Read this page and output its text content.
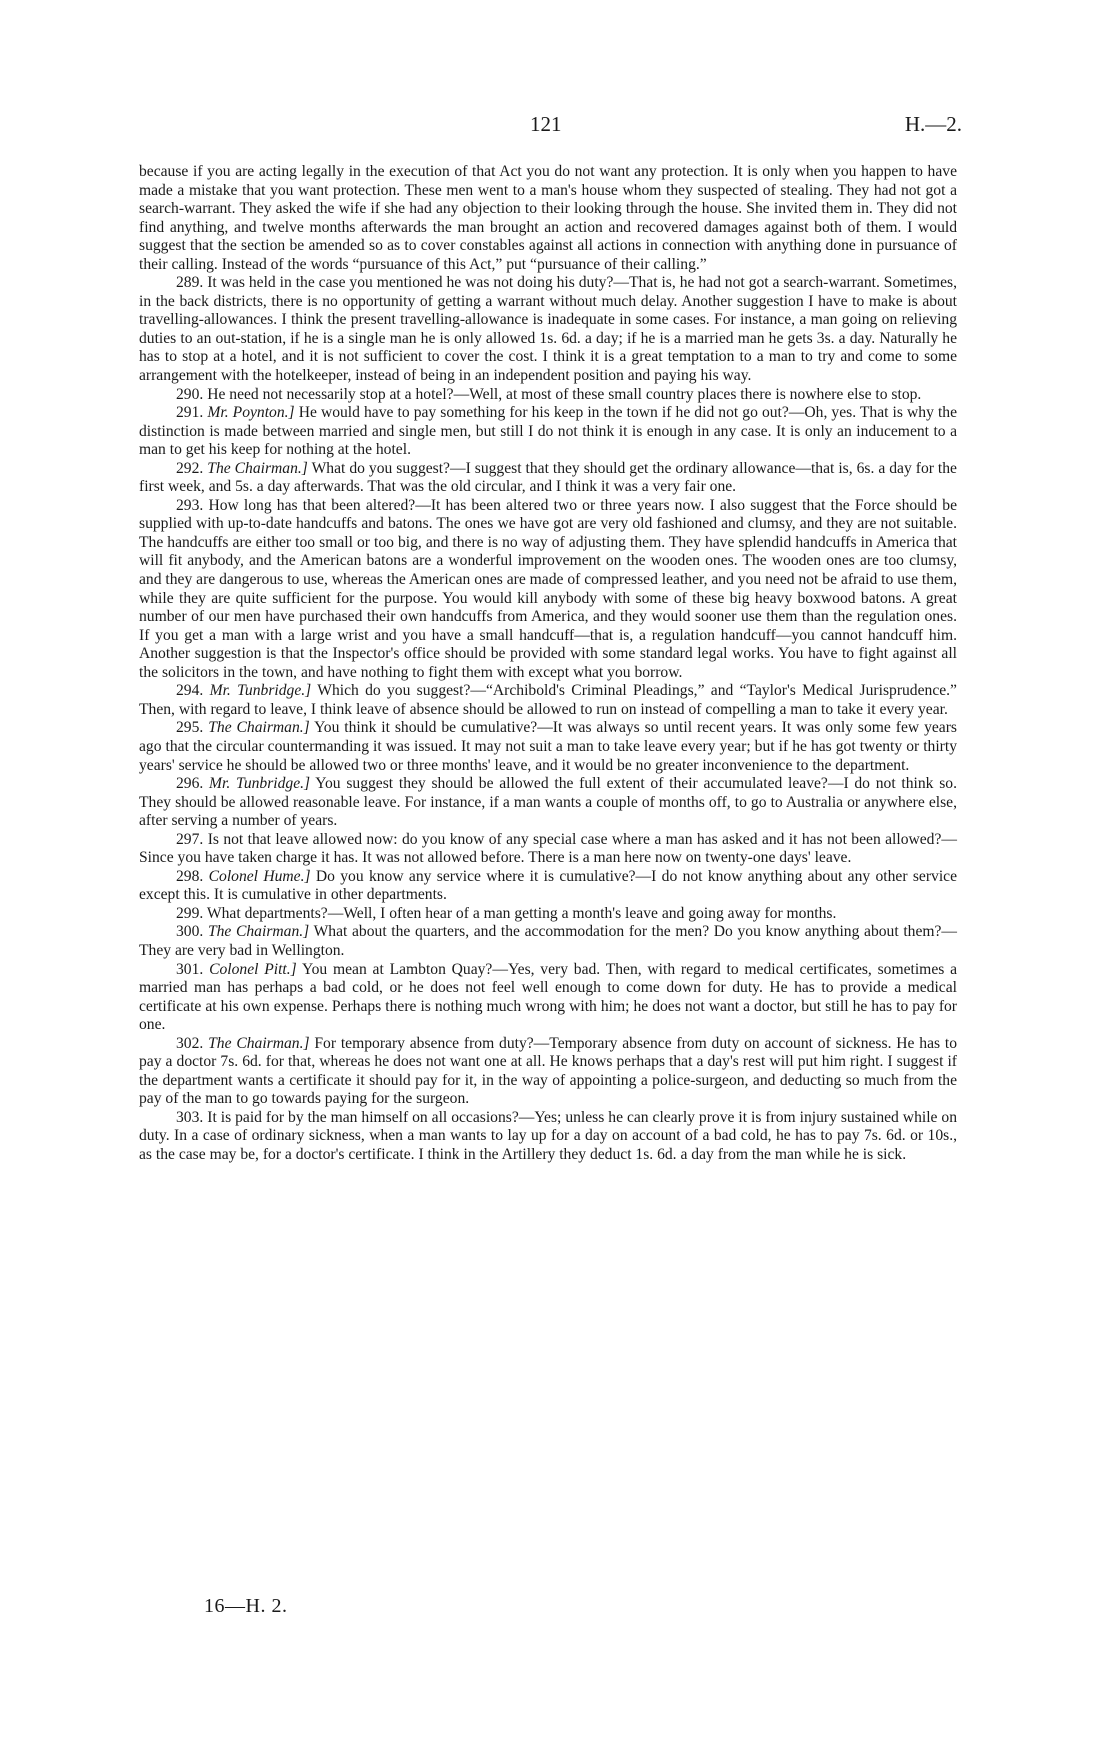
121	H.—2.

because if you are acting legally in the execution of that Act you do not want any protection. It is only when you happen to have made a mistake that you want protection. These men went to a man's house whom they suspected of stealing. They had not got a search-warrant. They asked the wife if she had any objection to their looking through the house. She invited them in. They did not find anything, and twelve months afterwards the man brought an action and recovered damages against both of them. I would suggest that the section be amended so as to cover constables against all actions in connection with anything done in pursuance of their calling. Instead of the words “pursuance of this Act,” put “pursuance of their calling.”

289. It was held in the case you mentioned he was not doing his duty?—That is, he had not got a search-warrant. Sometimes, in the back districts, there is no opportunity of getting a warrant without much delay. Another suggestion I have to make is about travelling-allowances. I think the present travelling-allowance is inadequate in some cases. For instance, a man going on relieving duties to an out-station, if he is a single man he is only allowed 1s. 6d. a day; if he is a married man he gets 3s. a day. Naturally he has to stop at a hotel, and it is not sufficient to cover the cost. I think it is a great temptation to a man to try and come to some arrangement with the hotelkeeper, instead of being in an independent position and paying his way.

290. He need not necessarily stop at a hotel?—Well, at most of these small country places there is nowhere else to stop.

291. Mr. Poynton.] He would have to pay something for his keep in the town if he did not go out?—Oh, yes. That is why the distinction is made between married and single men, but still I do not think it is enough in any case. It is only an inducement to a man to get his keep for nothing at the hotel.

292. The Chairman.] What do you suggest?—I suggest that they should get the ordinary allowance—that is, 6s. a day for the first week, and 5s. a day afterwards. That was the old circular, and I think it was a very fair one.

293. How long has that been altered?—It has been altered two or three years now. I also suggest that the Force should be supplied with up-to-date handcuffs and batons. The ones we have got are very old fashioned and clumsy, and they are not suitable. The handcuffs are either too small or too big, and there is no way of adjusting them. They have splendid handcuffs in America that will fit anybody, and the American batons are a wonderful improvement on the wooden ones. The wooden ones are too clumsy, and they are dangerous to use, whereas the American ones are made of compressed leather, and you need not be afraid to use them, while they are quite sufficient for the purpose. You would kill anybody with some of these big heavy boxwood batons. A great number of our men have purchased their own handcuffs from America, and they would sooner use them than the regulation ones. If you get a man with a large wrist and you have a small handcuff—that is, a regulation handcuff—you cannot handcuff him. Another suggestion is that the Inspector's office should be provided with some standard legal works. You have to fight against all the solicitors in the town, and have nothing to fight them with except what you borrow.

294. Mr. Tunbridge.] Which do you suggest?—“Archibold's Criminal Pleadings,” and “Taylor's Medical Jurisprudence.” Then, with regard to leave, I think leave of absence should be allowed to run on instead of compelling a man to take it every year.

295. The Chairman.] You think it should be cumulative?—It was always so until recent years. It was only some few years ago that the circular countermanding it was issued. It may not suit a man to take leave every year; but if he has got twenty or thirty years' service he should be allowed two or three months' leave, and it would be no greater inconvenience to the department.

296. Mr. Tunbridge.] You suggest they should be allowed the full extent of their accumulated leave?—I do not think so. They should be allowed reasonable leave. For instance, if a man wants a couple of months off, to go to Australia or anywhere else, after serving a number of years.

297. Is not that leave allowed now: do you know of any special case where a man has asked and it has not been allowed?—Since you have taken charge it has. It was not allowed before. There is a man here now on twenty-one days' leave.

298. Colonel Hume.] Do you know any service where it is cumulative?—I do not know anything about any other service except this. It is cumulative in other departments.

299. What departments?—Well, I often hear of a man getting a month's leave and going away for months.

300. The Chairman.] What about the quarters, and the accommodation for the men? Do you know anything about them?—They are very bad in Wellington.

301. Colonel Pitt.] You mean at Lambton Quay?—Yes, very bad. Then, with regard to medical certificates, sometimes a married man has perhaps a bad cold, or he does not feel well enough to come down for duty. He has to provide a medical certificate at his own expense. Perhaps there is nothing much wrong with him; he does not want a doctor, but still he has to pay for one.

302. The Chairman.] For temporary absence from duty?—Temporary absence from duty on account of sickness. He has to pay a doctor 7s. 6d. for that, whereas he does not want one at all. He knows perhaps that a day's rest will put him right. I suggest if the department wants a certificate it should pay for it, in the way of appointing a police-surgeon, and deducting so much from the pay of the man to go towards paying for the surgeon.

303. It is paid for by the man himself on all occasions?—Yes; unless he can clearly prove it is from injury sustained while on duty. In a case of ordinary sickness, when a man wants to lay up for a day on account of a bad cold, he has to pay 7s. 6d. or 10s., as the case may be, for a doctor's certificate. I think in the Artillery they deduct 1s. 6d. a day from the man while he is sick.

16—H. 2.
